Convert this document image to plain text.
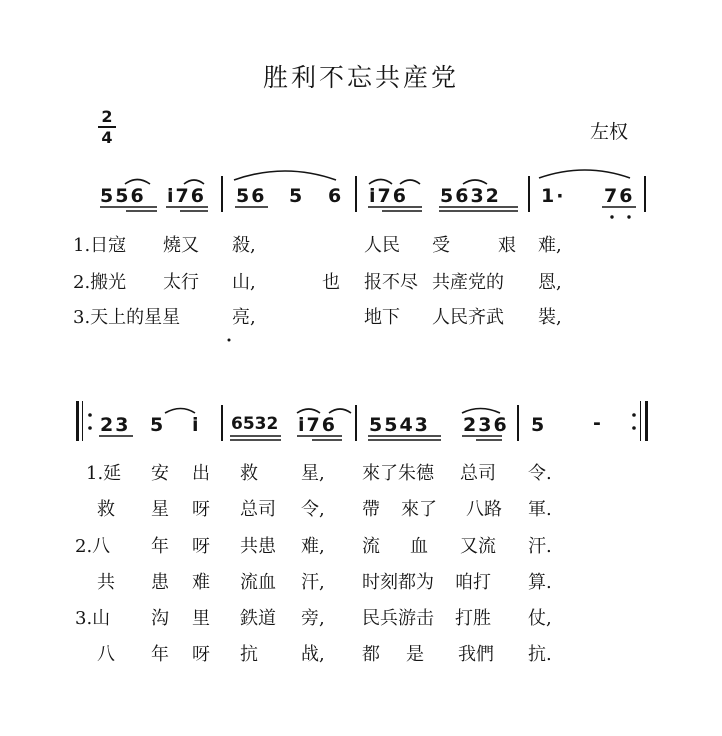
胜利不忘共産党
左权
2
4
556 i76 56 5 6 i76 5632 1· 76
1.日寇 燒又 殺,	人民 受	艰 难,
2.搬光 太行 山,	也 报不尽 共產党的 恩,
3.天上的星星	亮,	地下 人民齐武 裝,
23 5 i 6532 i76 5543 236 5 -
1.延 安 出 救 星, 來了朱德 总司 令.
救 星 呀 总司 令, 帶 來了 八路 軍.
2.八 年 呀 共患 难, 流 血 又流 汗.
共 患 难 流血 汗, 时刻都为 咱打 算.
3.山 沟 里 鉄道 旁, 民兵游击 打胜 仗,
八 年 呀 抗 战, 都 是 我們 抗.
